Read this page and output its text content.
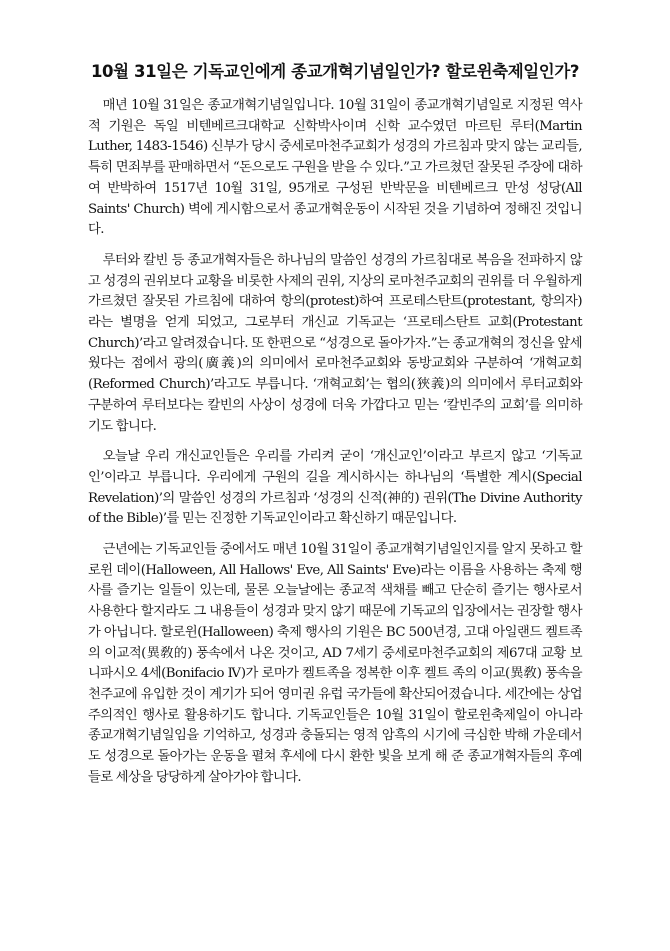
10월 31일은 기독교인에게 종교개혁기념일인가? 할로윈축제일인가?

매년 10월 31일은 종교개혁기념일입니다. 10월 31일이 종교개혁기념일로 지정된 역사적 기원은 독일 비텐베르크대학교 신학박사이며 신학 교수였던 마르틴 루터(Martin Luther, 1483-1546) 신부가 당시 중세로마천주교회가 성경의 가르침과 맞지 않는 교리들, 특히 면죄부를 판매하면서 “돈으로도 구원을 받을 수 있다.”고 가르쳤던 잘못된 주장에 대하여 반박하여 1517년 10월 31일, 95개로 구성된 반박문을 비텐베르크 만성 성당(All Saints' Church) 벽에 게시함으로서 종교개혁운동이 시작된 것을 기념하여 정해진 것입니다.

루터와 칼빈 등 종교개혁자들은 하나님의 말씀인 성경의 가르침대로 복음을 전파하지 않고 성경의 권위보다 교황을 비롯한 사제의 권위, 지상의 로마천주교회의 권위를 더 우월하게 가르쳤던 잘못된 가르침에 대하여 항의(protest)하여 프로테스탄트(protestant, 항의자)라는 별명을 얻게 되었고, 그로부터 개신교 기독교는 ‘프로테스탄트 교회(Protestant Church)’라고 알려졌습니다. 또 한편으로 “성경으로 돌아가자.”는 종교개혁의 정신을 앞세웠다는 점에서 광의(廣義)의 의미에서 로마천주교회와 동방교회와 구분하여 ‘개혁교회(Reformed Church)’라고도 부릅니다. ‘개혁교회’는 협의(狹義)의 의미에서 루터교회와 구분하여 루터보다는 칼빈의 사상이 성경에 더욱 가깝다고 믿는 ‘칼빈주의 교회’를 의미하기도 합니다.

오늘날 우리 개신교인들은 우리를 가리켜 굳이 ‘개신교인’이라고 부르지 않고 ‘기독교인’이라고 부릅니다. 우리에게 구원의 길을 계시하시는 하나님의 ‘특별한 계시(Special Revelation)’의 말씀인 성경의 가르침과 ‘성경의 신적(神的) 권위(The Divine Authority of the Bible)’를 믿는 진정한 기독교인이라고 확신하기 때문입니다.

근년에는 기독교인들 중에서도 매년 10월 31일이 종교개혁기념일인지를 알지 못하고 할로윈 데이(Halloween, All Hallows' Eve, All Saints' Eve)라는 이름을 사용하는 축제 행사를 즐기는 일들이 있는데, 물론 오늘날에는 종교적 색채를 빼고 단순히 즐기는 행사로서 사용한다 할지라도 그 내용들이 성경과 맞지 않기 때문에 기독교의 입장에서는 권장할 행사가 아닙니다. 할로윈(Halloween) 축제 행사의 기원은 BC 500년경, 고대 아일랜드 켈트족의 이교적(異敎的) 풍속에서 나온 것이고, AD 7세기 중세로마천주교회의 제67대 교황 보니파시오 4세(Bonifacio Ⅳ)가 로마가 켈트족을 정복한 이후 켈트 족의 이교(異敎) 풍속을 천주교에 유입한 것이 계기가 되어 영미권 유럽 국가들에 확산되어졌습니다. 세간에는 상업주의적인 행사로 활용하기도 합니다. 기독교인들은 10월 31일이 할로윈축제일이 아니라 종교개혁기념일임을 기억하고, 성경과 충돌되는 영적 암흑의 시기에 극심한 박해 가운데서도 성경으로 돌아가는 운동을 펼쳐 후세에 다시 환한 빛을 보게 해 준 종교개혁자들의 후예들로 세상을 당당하게 살아가야 합니다.
